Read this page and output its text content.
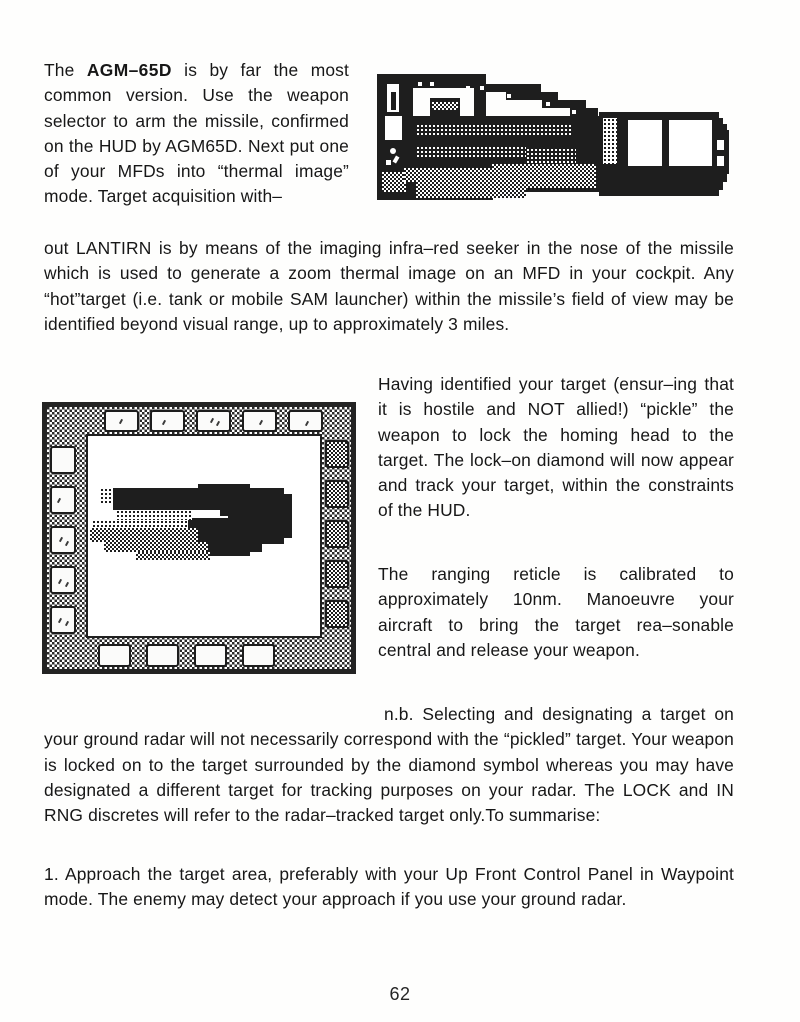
The AGM–65D is by far the most common version. Use the weapon selector to arm the missile, confirmed on the HUD by AGM65D. Next put one of your MFDs into “thermal image” mode. Target acquisition with–
out LANTIRN is by means of the imaging infra–red seeker in the nose of the missile which is used to generate a zoom thermal image on an MFD in your cockpit. Any “hot”target (i.e. tank or mobile SAM launcher) within the missile’s field of view may be identified beyond visual range, up to approximately 3 miles.
Having identified your target (ensur–ing that it is hostile and NOT allied!) “pickle” the weapon to lock the homing head to the target. The lock–on diamond will now appear and track your target, within the constraints of the HUD.
The ranging reticle is calibrated to approximately 10nm. Manoeuvre your aircraft to bring the target rea–sonable central and release your weapon.
n.b. Selecting and designating a target on your ground radar will not necessarily correspond with the “pickled” target. Your weapon is locked on to the target surrounded by the diamond symbol whereas you may have designated a different target for tracking purposes on your radar. The LOCK and IN RNG discretes will refer to the radar–tracked target only.To summarise:
1. Approach the target area, preferably with your Up Front Control Panel in Waypoint mode. The enemy may detect your approach if you use your ground radar.
62
